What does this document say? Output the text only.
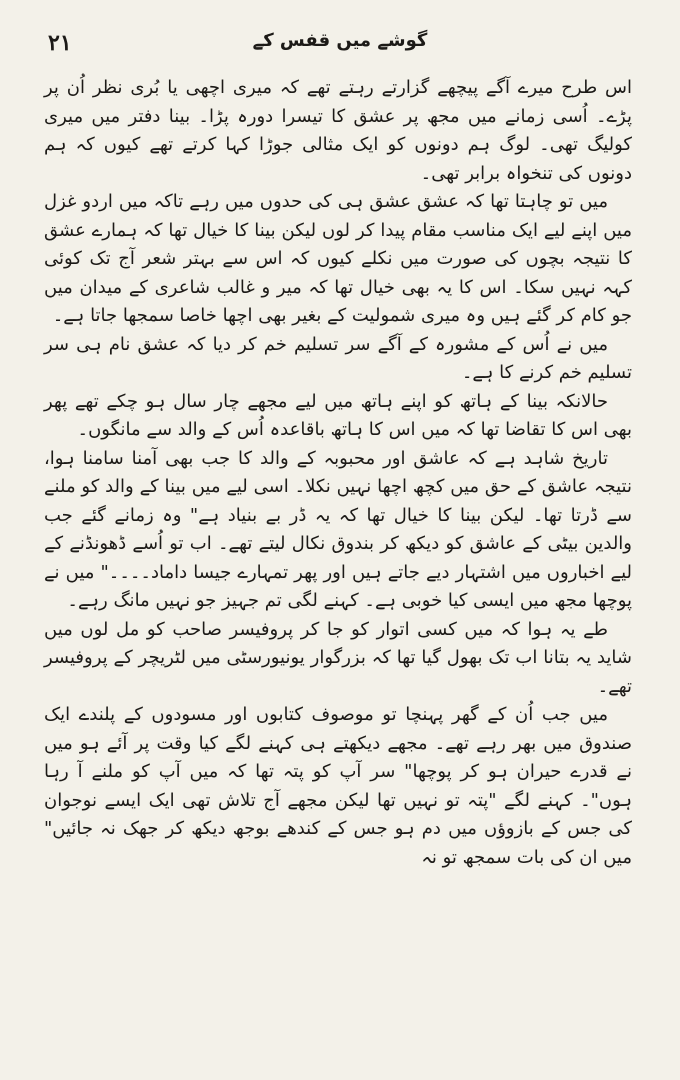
۲۱	گوشے میں قفس کے

اس طرح میرے آگے پیچھے گزارتے رہتے تھے کہ میری اچھی یا بُری نظر اُن پر پڑے۔ اُسی زمانے میں مجھ پر عشق کا تیسرا دورہ پڑا۔ بینا دفتر میں میری کولیگ تھی۔ لوگ ہم دونوں کو ایک مثالی جوڑا کہا کرتے تھے کیوں کہ ہم دونوں کی تنخواہ برابر تھی۔

میں تو چاہتا تھا کہ عشق عشق ہی کی حدوں میں رہے تاکہ میں اردو غزل میں اپنے لیے ایک مناسب مقام پیدا کر لوں لیکن بینا کا خیال تھا کہ ہمارے عشق کا نتیجہ بچوں کی صورت میں نکلے کیوں کہ اس سے بہتر شعر آج تک کوئی کہہ نہیں سکا۔ اس کا یہ بھی خیال تھا کہ میر و غالب شاعری کے میدان میں جو کام کر گئے ہیں وہ میری شمولیت کے بغیر بھی اچھا خاصا سمجھا جاتا ہے۔

میں نے اُس کے مشورہ کے آگے سر تسلیم خم کر دیا کہ عشق نام ہی سر تسلیم خم کرنے کا ہے۔

حالانکہ بینا کے ہاتھ کو اپنے ہاتھ میں لیے مجھے چار سال ہو چکے تھے پھر بھی اس کا تقاضا تھا کہ میں اس کا ہاتھ باقاعدہ اُس کے والد سے مانگوں۔

تاریخ شاہد ہے کہ عاشق اور محبوبہ کے والد کا جب بھی آمنا سامنا ہوا، نتیجہ عاشق کے حق میں کچھ اچھا نہیں نکلا۔ اسی لیے میں بینا کے والد کو ملنے سے ڈرتا تھا۔ لیکن بینا کا خیال تھا کہ یہ ڈر بے بنیاد ہے" وہ زمانے گئے جب والدین بیٹی کے عاشق کو دیکھ کر بندوق نکال لیتے تھے۔ اب تو اُسے ڈھونڈنے کے لیے اخباروں میں اشتہار دیے جاتے ہیں اور پھر تمہارے جیسا داماد۔۔۔۔" میں نے پوچھا مجھ میں ایسی کیا خوبی ہے۔ کہنے لگی تم جہیز جو نہیں مانگ رہے۔

طے یہ ہوا کہ میں کسی اتوار کو جا کر پروفیسر صاحب کو مل لوں میں شاید یہ بتانا اب تک بھول گیا تھا کہ بزرگوار یونیورسٹی میں لٹریچر کے پروفیسر تھے۔

میں جب اُن کے گھر پہنچا تو موصوف کتابوں اور مسودوں کے پلندے ایک صندوق میں بھر رہے تھے۔ مجھے دیکھتے ہی کہنے لگے کیا وقت پر آئے ہو میں نے قدرے حیران ہو کر پوچھا" سر آپ کو پتہ تھا کہ میں آپ کو ملنے آ رہا ہوں"۔ کہنے لگے "پتہ تو نہیں تھا لیکن مجھے آج تلاش تھی ایک ایسے نوجوان کی جس کے بازوؤں میں دم ہو جس کے کندھے بوجھ دیکھ کر جھک نہ جائیں" میں ان کی بات سمجھ تو نہ
